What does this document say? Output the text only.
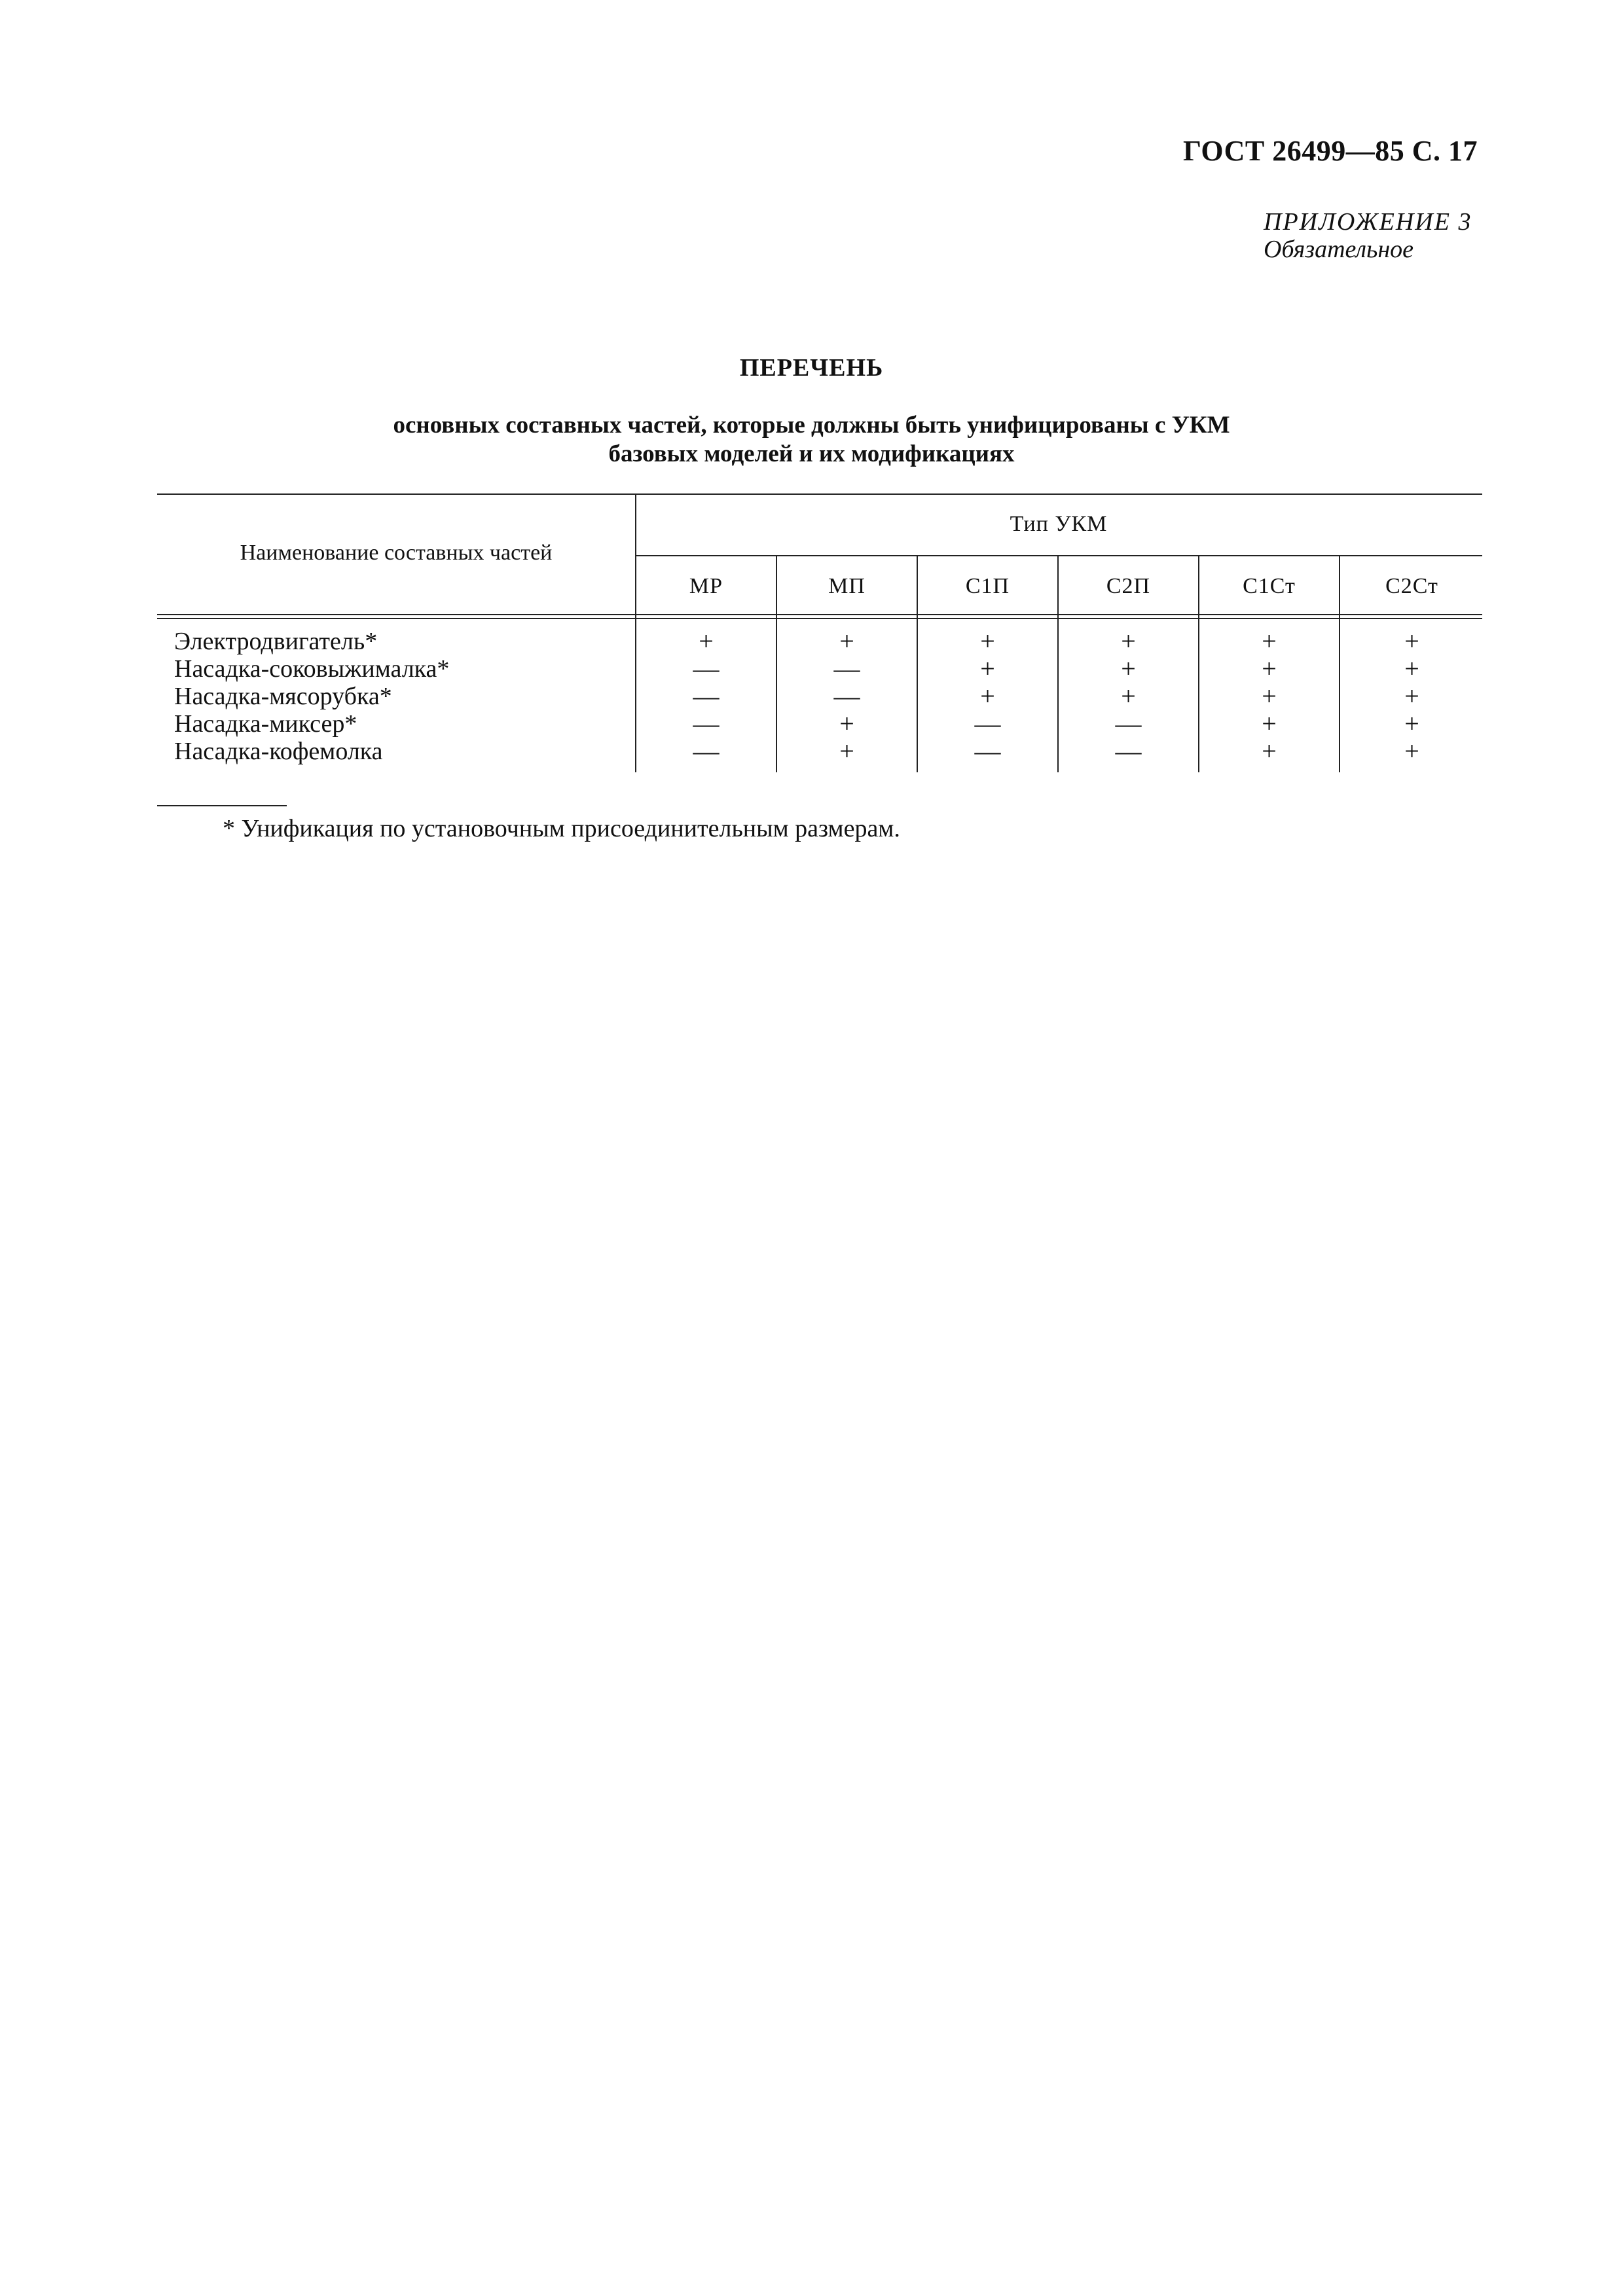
ГОСТ 26499—85 С. 17
ПРИЛОЖЕНИЕ 3
Обязательное
ПЕРЕЧЕНЬ
основных составных частей, которые должны быть унифицированы с УКМ
базовых моделей и их модификациях
Наименование составных частей
Тип УКМ
МР	МП	С1П	С2П	С1Ст	С2Ст
Электродвигатель*	+	+	+	+	+	+
Насадка-соковыжималка*	—	—	+	+	+	+
Насадка-мясорубка*	—	—	+	+	+	+
Насадка-миксер*	—	+	—	—	+	+
Насадка-кофемолка	—	+	—	—	+	+
* Унификация по установочным присоединительным размерам.
